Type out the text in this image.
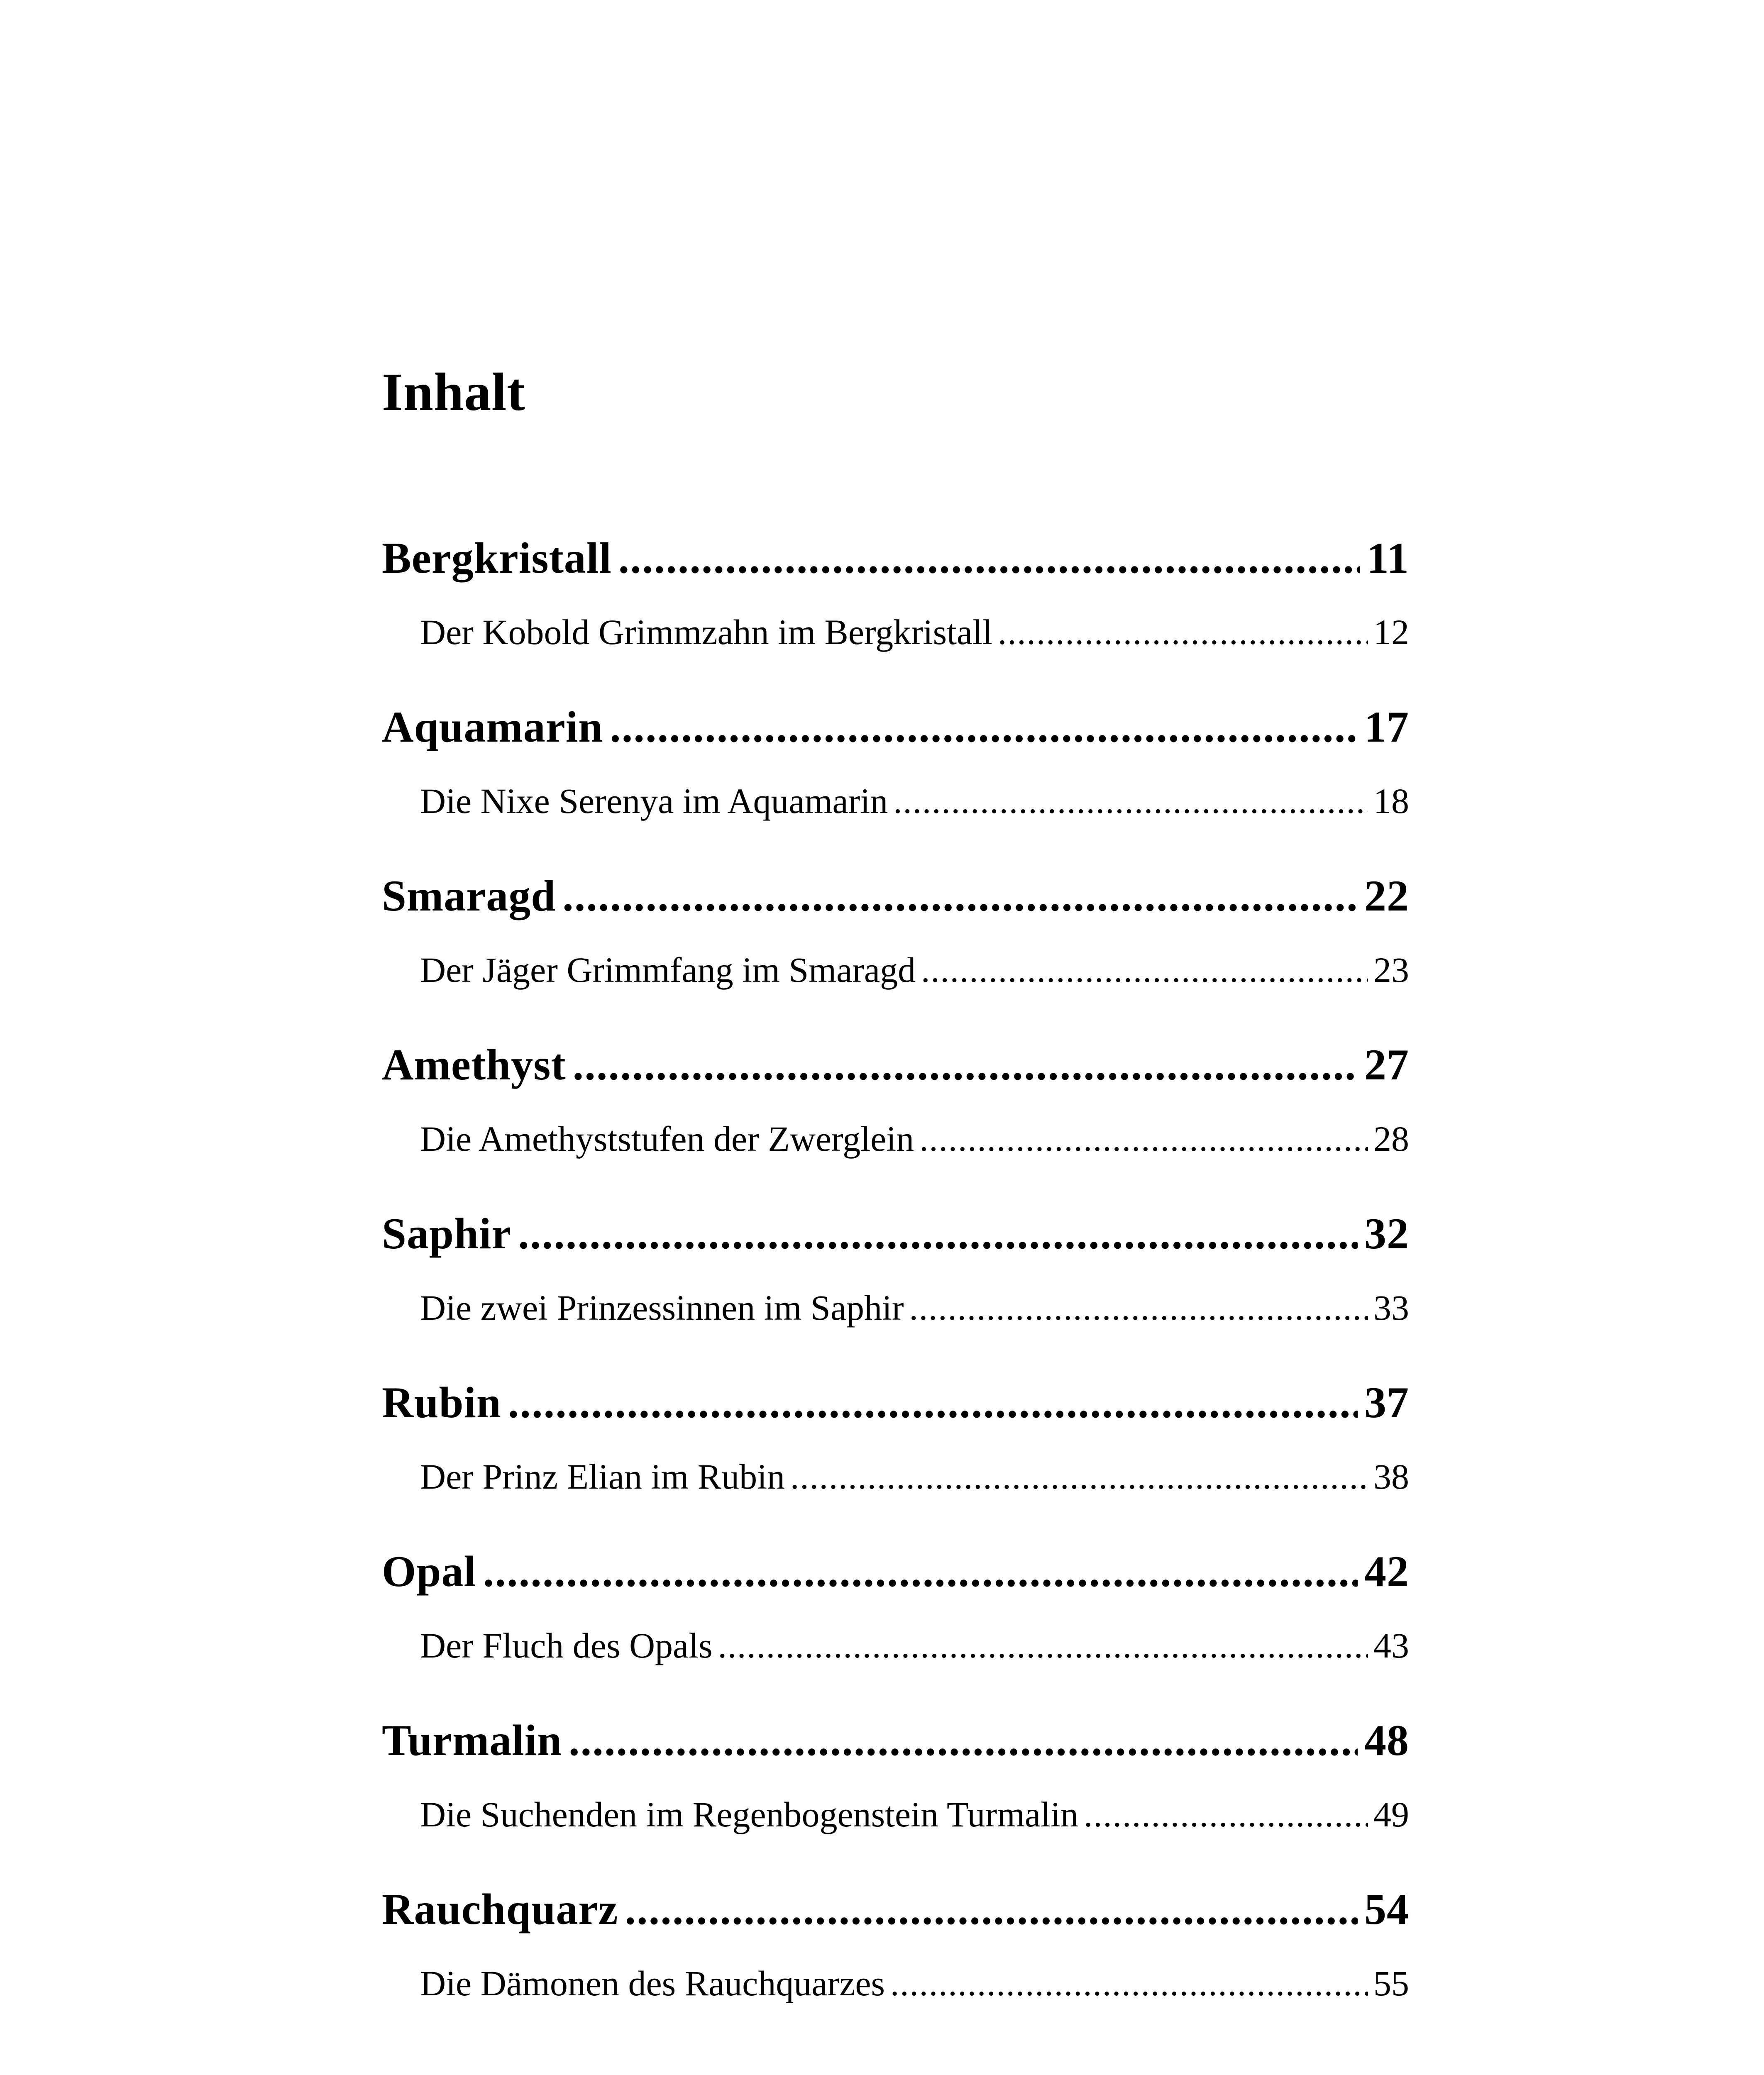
Inhalt
Bergkristall .....	11
Der Kobold Grimmzahn im Bergkristall .....	12
Aquamarin .....	17
Die Nixe Serenya im Aquamarin .....	18
Smaragd .....	22
Der Jäger Grimmfang im Smaragd .....	23
Amethyst .....	27
Die Amethyststufen der Zwerglein .....	28
Saphir .....	32
Die zwei Prinzessinnen im Saphir .....	33
Rubin .....	37
Der Prinz Elian im Rubin .....	38
Opal .....	42
Der Fluch des Opals .....	43
Turmalin .....	48
Die Suchenden im Regenbogenstein Turmalin .....	49
Rauchquarz .....	54
Die Dämonen des Rauchquarzes .....	55
